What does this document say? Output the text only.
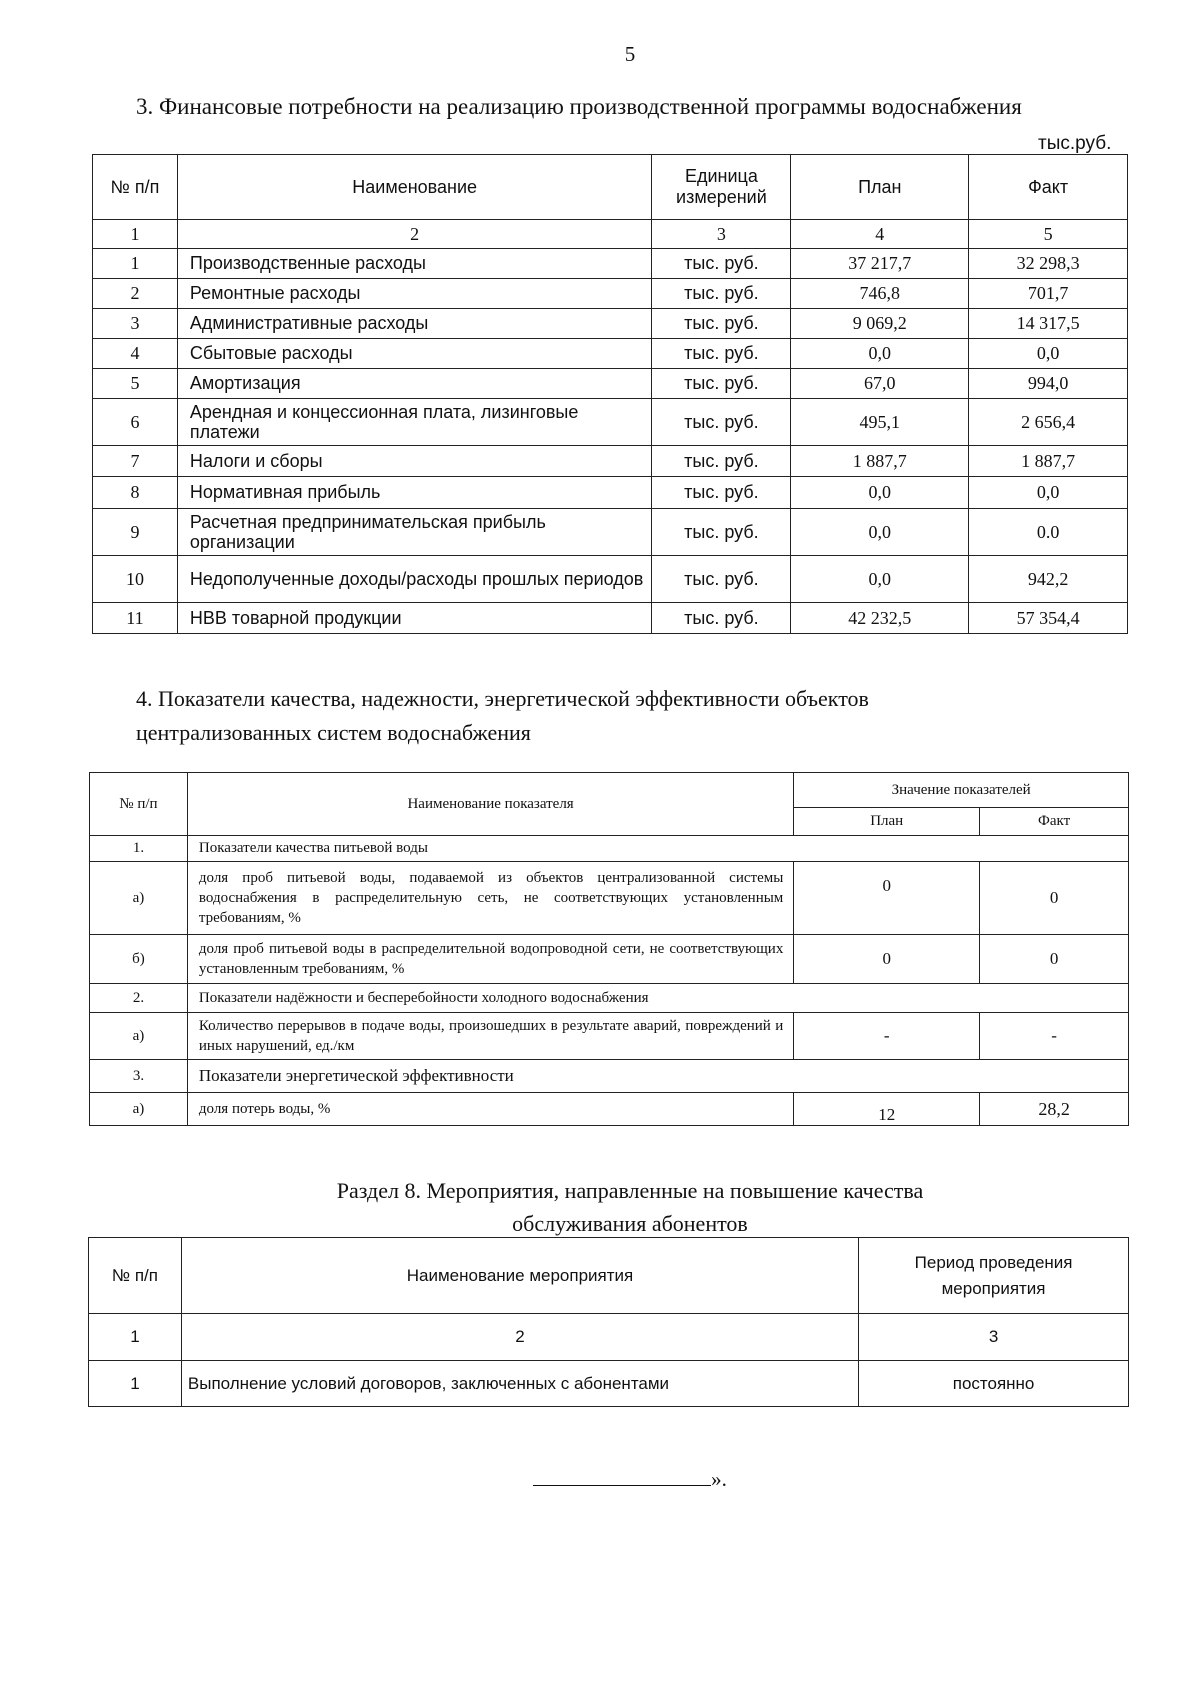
5
3. Финансовые потребности на реализацию производственной программы водоснабжения
тыс.руб.
№ п/п	Наименование	Единица измерений	План	Факт
1	2	3	4	5
1	Производственные расходы	тыс. руб.	37 217,7	32 298,3
2	Ремонтные расходы	тыс. руб.	746,8	701,7
3	Административные расходы	тыс. руб.	9 069,2	14 317,5
4	Сбытовые расходы	тыс. руб.	0,0	0,0
5	Амортизация	тыс. руб.	67,0	994,0
6	Арендная и концессионная плата, лизинговые платежи	тыс. руб.	495,1	2 656,4
7	Налоги и сборы	тыс. руб.	1 887,7	1 887,7
8	Нормативная прибыль	тыс. руб.	0,0	0,0
9	Расчетная предпринимательская прибыль организации	тыс. руб.	0,0	0.0
10	Недополученные доходы/расходы прошлых периодов	тыс. руб.	0,0	942,2
11	НВВ товарной продукции	тыс. руб.	42 232,5	57 354,4
4. Показатели качества, надежности, энергетической эффективности объектов
централизованных систем водоснабжения
№ п/п	Наименование показателя	Значение показателей	
		План	Факт
1.	Показатели качества питьевой воды		
а)	доля проб питьевой воды, подаваемой из объектов централизованной системы водоснабжения в распределительную сеть, не соответствующих установленным требованиям, %	0	0
б)	доля проб питьевой воды в распределительной водопроводной сети, не соответствующих установленным требованиям, %	0	0
2.	Показатели надёжности и бесперебойности холодного водоснабжения		
а)	Количество перерывов в подаче воды, произошедших в результате аварий, повреждений и иных нарушений, ед./км	-	-
3.	Показатели энергетической эффективности		
а)	доля потерь воды, %	12	28,2
Раздел 8. Мероприятия, направленные на повышение качества
обслуживания абонентов
№ п/п	Наименование мероприятия	Период проведения мероприятия
1	2	3
1	Выполнение условий договоров, заключенных с абонентами	постоянно
».
